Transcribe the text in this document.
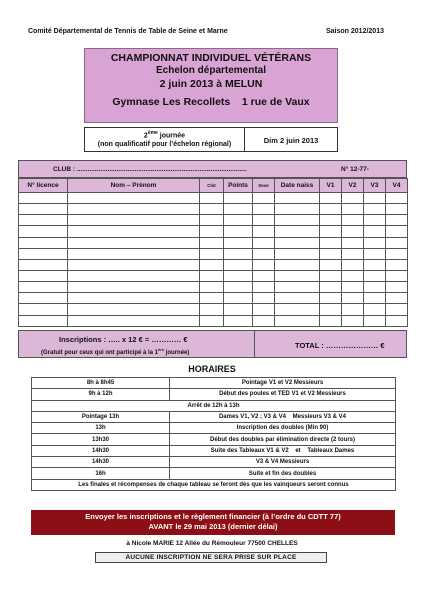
Comité Départemental de Tennis de Table de Seine et Marne	Saison 2012/2013
CHAMPIONNAT INDIVIDUEL VÉTÉRANS
Echelon départemental
2 juin 2013 à MELUN
Gymnase Les Recollets    1 rue de Vaux
2ème journée
(non qualificatif pour l’échelon régional)	Dim 2 juin 2013
CLUB : ..............................................................................................	N° 12-77-
N° licence	Nom – Prénom	Clst	Points	Sexe	Date naiss	V1	V2	V3	V4

Inscriptions : ….. x 12 € = ………… €
(Gratuit pour ceux qui ont participé à la 1ère journée)
TOTAL : ………………… €
HORAIRES
8h à 8h45	Pointage V1 et V2 Messieurs
9h à 12h	Début des poules et TED V1 et V2 Messieurs
Arrêt de 12h à 13h	
Pointage 13h	Dames V1, V2 ; V3 & V4    Messieurs V3 & V4
13h	Inscription des doubles (Min 90)
13h30	Début des doubles par élimination directe (2 tours)
14h30	Suite des Tableaux V1 & V2    et    Tableaux Dames
14h30	V3 & V4 Messieurs
16h	Suite et fin des doubles
Les finales et récompenses de chaque tableau se feront dès que les vainqueurs seront connus	
Envoyer les inscriptions et le règlement financier (à l’ordre du CDTT 77)
AVANT le 29 mai 2013 (dernier délai)
à Nicole MARIE 12 Allée du Rémouleur 77500 CHELLES
AUCUNE INSCRIPTION NE SERA PRISE SUR PLACE
